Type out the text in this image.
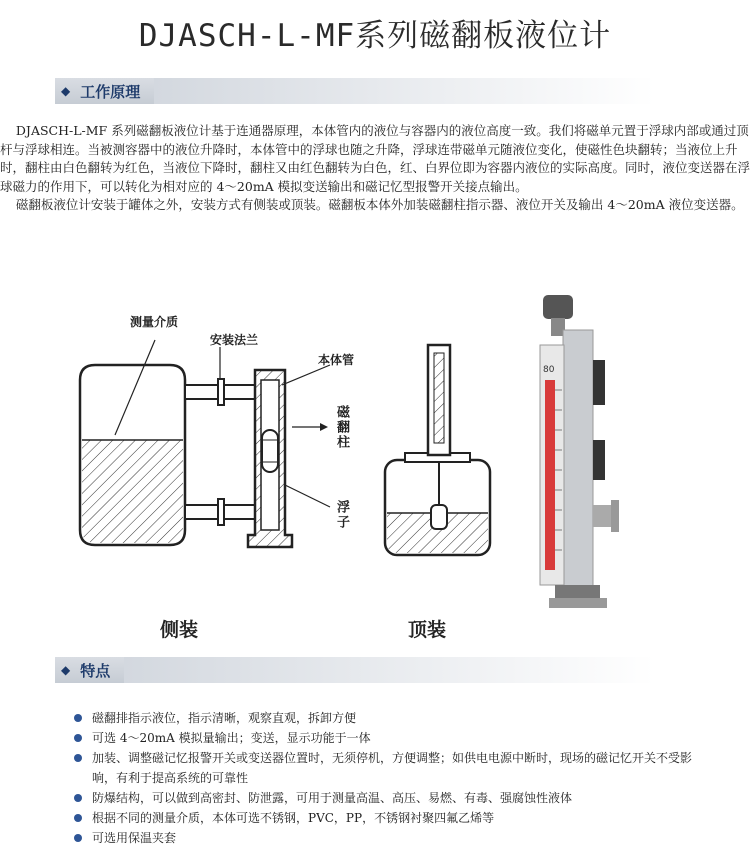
DJASCH-L-MF系列磁翻板液位计
◆ 工作原理

DJASCH-L-MF 系列磁翻板液位计基于连通器原理，本体管内的液位与容器内的液位高度一致。我们将磁单元置于浮球内部或通过顶杆与浮球相连。当被测容器中的液位升降时，本体管中的浮球也随之升降，浮球连带磁单元随液位变化，使磁性色块翻转；当液位上升时，翻柱由白色翻转为红色，当液位下降时，翻柱又由红色翻转为白色，红、白界位即为容器内液位的实际高度。同时，液位变送器在浮球磁力的作用下，可以转化为相对应的 4～20mA 模拟变送输出和磁记忆型报警开关接点输出。

磁翻板液位计安装于罐体之外，安装方式有侧装或顶装。磁翻板本体外加装磁翻柱指示器、液位开关及输出 4～20mA 液位变送器。

测量介质
安装法兰
本体管
磁翻柱
浮子
侧装	顶装
80
◆ 特点
磁翻排指示液位，指示清晰，观察直观，拆卸方便
可选 4～20mA 模拟量输出；变送，显示功能于一体
加装、调整磁记忆报警开关或变送器位置时，无须停机，方便调整；如供电电源中断时，现场的磁记忆开关不受影响，有利于提高系统的可靠性
防爆结构，可以做到高密封、防泄露，可用于测量高温、高压、易燃、有毒、强腐蚀性液体
根据不同的测量介质，本体可选不锈钢，PVC，PP，不锈钢衬聚四氟乙烯等
可选用保温夹套
